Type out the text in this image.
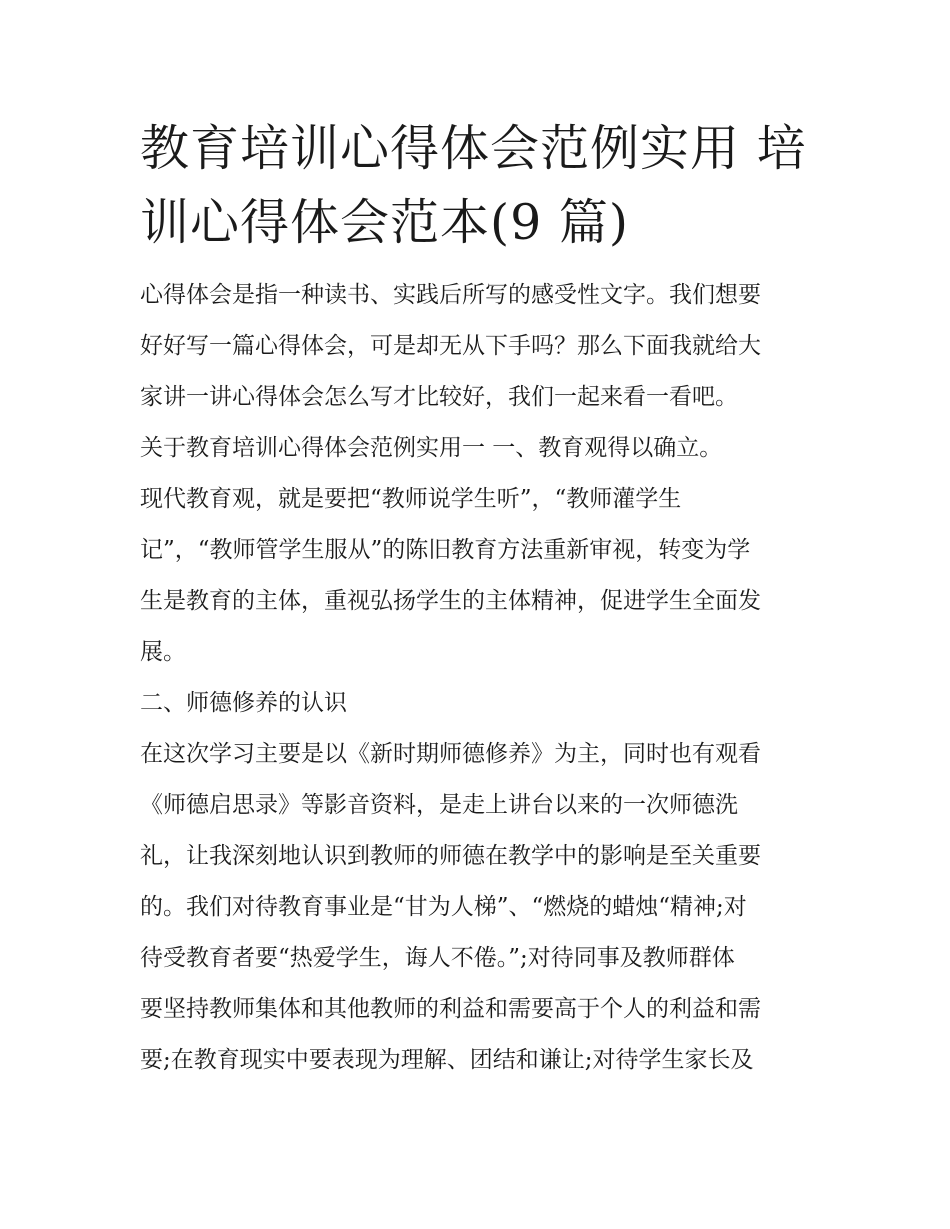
教育培训心得体会范例实用 培
训心得体会范本(9 篇)
心得体会是指一种读书、实践后所写的感受性文字。我们想要
好好写一篇心得体会，可是却无从下手吗？那么下面我就给大
家讲一讲心得体会怎么写才比较好，我们一起来看一看吧。
关于教育培训心得体会范例实用一 一、教育观得以确立。
现代教育观，就是要把“教师说学生听”，“教师灌学生
记”，“教师管学生服从”的陈旧教育方法重新审视，转变为学
生是教育的主体，重视弘扬学生的主体精神，促进学生全面发
展。
二、师德修养的认识
在这次学习主要是以《新时期师德修养》为主，同时也有观看
《师德启思录》等影音资料，是走上讲台以来的一次师德洗
礼，让我深刻地认识到教师的师德在教学中的影响是至关重要
的。我们对待教育事业是“甘为人梯”、“燃烧的蜡烛“精神;对
待受教育者要“热爱学生，诲人不倦。”;对待同事及教师群体
要坚持教师集体和其他教师的利益和需要高于个人的利益和需
要;在教育现实中要表现为理解、团结和谦让;对待学生家长及
